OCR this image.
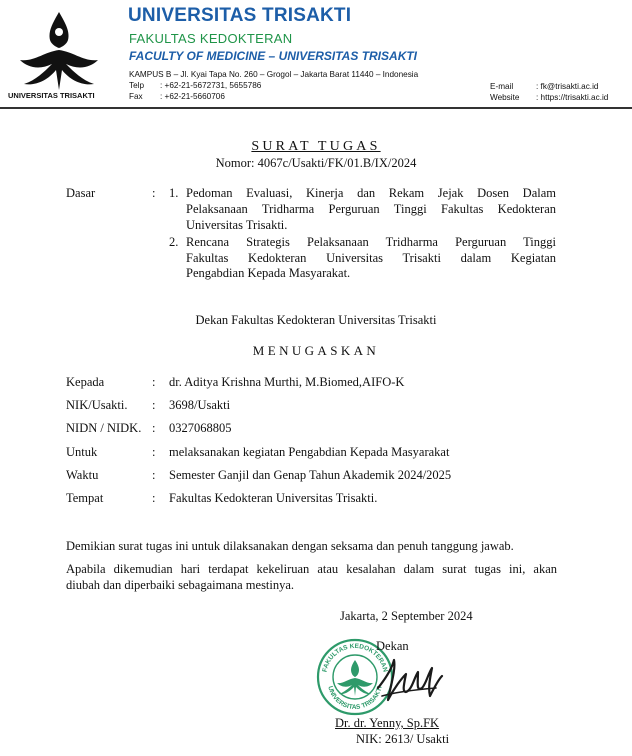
UNIVERSITAS TRISAKTI
UNIVERSITAS TRISAKTI
FAKULTAS KEDOKTERAN
FACULTY OF MEDICINE – UNIVERSITAS TRISAKTI
KAMPUS B – Jl. Kyai Tapa No. 260 – Grogol – Jakarta Barat 11440 – Indonesia
Telp : +62-21-5672731, 5655786
Fax : +62-21-5660706
E-mail	: fk@trisakti.ac.id
Website : https://trisakti.ac.id
SURAT TUGAS
Nomor: 4067c/Usakti/FK/01.B/IX/2024
Dasar	: 1. Pedoman Evaluasi, Kinerja dan Rekam Jejak Dosen Dalam
Pelaksanaan Tridharma Perguruan Tinggi Fakultas Kedokteran
Universitas Trisakti.
2. Rencana Strategis Pelaksanaan Tridharma Perguruan Tinggi
Fakultas Kedokteran Universitas Trisakti dalam Kegiatan
Pengabdian Kepada Masyarakat.
Dekan Fakultas Kedokteran Universitas Trisakti
MENUGASKAN
Kepada	: dr. Aditya Krishna Murthi, M.Biomed,AIFO-K
NIK/Usakti. : 3698/Usakti
NIDN / NIDK. : 0327068805
Untuk	: melaksanakan kegiatan Pengabdian Kepada Masyarakat
Waktu	: Semester Ganjil dan Genap Tahun Akademik 2024/2025
Tempat	: Fakultas Kedokteran Universitas Trisakti.
Demikian surat tugas ini untuk dilaksanakan dengan seksama dan penuh tanggung jawab.
Apabila dikemudian hari terdapat kekeliruan atau kesalahan dalam surat tugas ini, akan
diubah dan diperbaiki sebagaimana mestinya.
Jakarta, 2 September 2024
FAKULTAS KEDOKTERAN
UNIVERSITAS TRISAKTI
Dekan
Dr. dr. Yenny, Sp.FK
NIK: 2613/ Usakti
